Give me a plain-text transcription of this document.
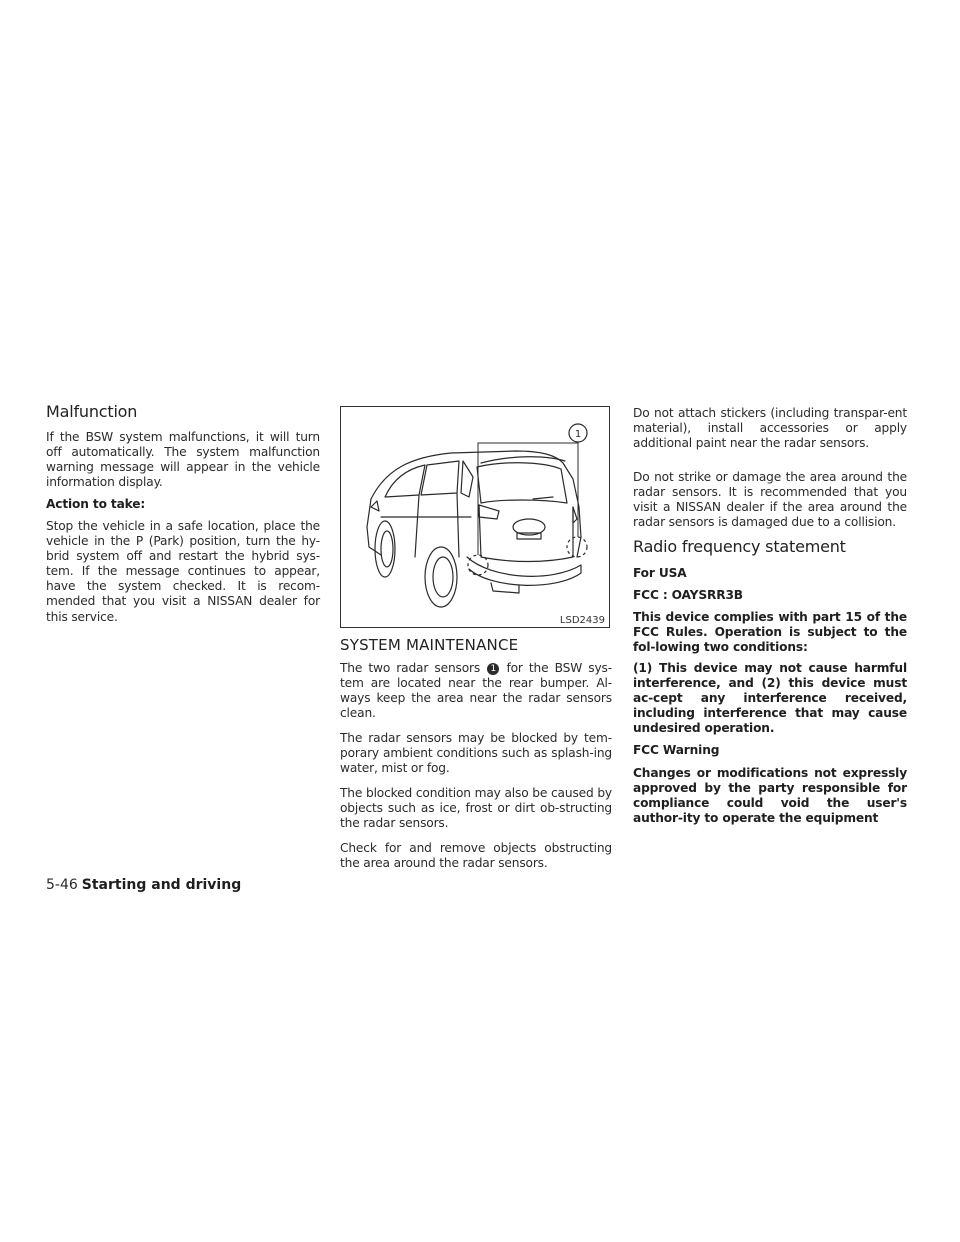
Malfunction

If the BSW system malfunctions, it will turn off automatically. The system malfunction warning message will appear in the vehicle information display.

Action to take:

Stop the vehicle in a safe location, place the vehicle in the P (Park) position, turn the hy-brid system off and restart the hybrid sys-tem. If the message continues to appear, have the system checked. It is recom-mended that you visit a NISSAN dealer for this service.

1
LSD2439
SYSTEM MAINTENANCE

The two radar sensors 1 for the BSW sys-tem are located near the rear bumper. Al-ways keep the area near the radar sensors clean.

The radar sensors may be blocked by tem-porary ambient conditions such as splash-ing water, mist or fog.

The blocked condition may also be caused by objects such as ice, frost or dirt ob-structing the radar sensors.

Check for and remove objects obstructing the area around the radar sensors.

Do not attach stickers (including transpar-ent material), install accessories or apply additional paint near the radar sensors.

Do not strike or damage the area around the radar sensors. It is recommended that you visit a NISSAN dealer if the area around the radar sensors is damaged due to a collision.

Radio frequency statement

For USA

FCC : OAYSRR3B

This device complies with part 15 of the FCC Rules. Operation is subject to the fol-lowing two conditions:

(1) This device may not cause harmful interference, and (2) this device must ac-cept any interference received, including interference that may cause undesired operation.

FCC Warning

Changes or modifications not expressly approved by the party responsible for compliance could void the user's author-ity to operate the equipment

5-46 Starting and driving
